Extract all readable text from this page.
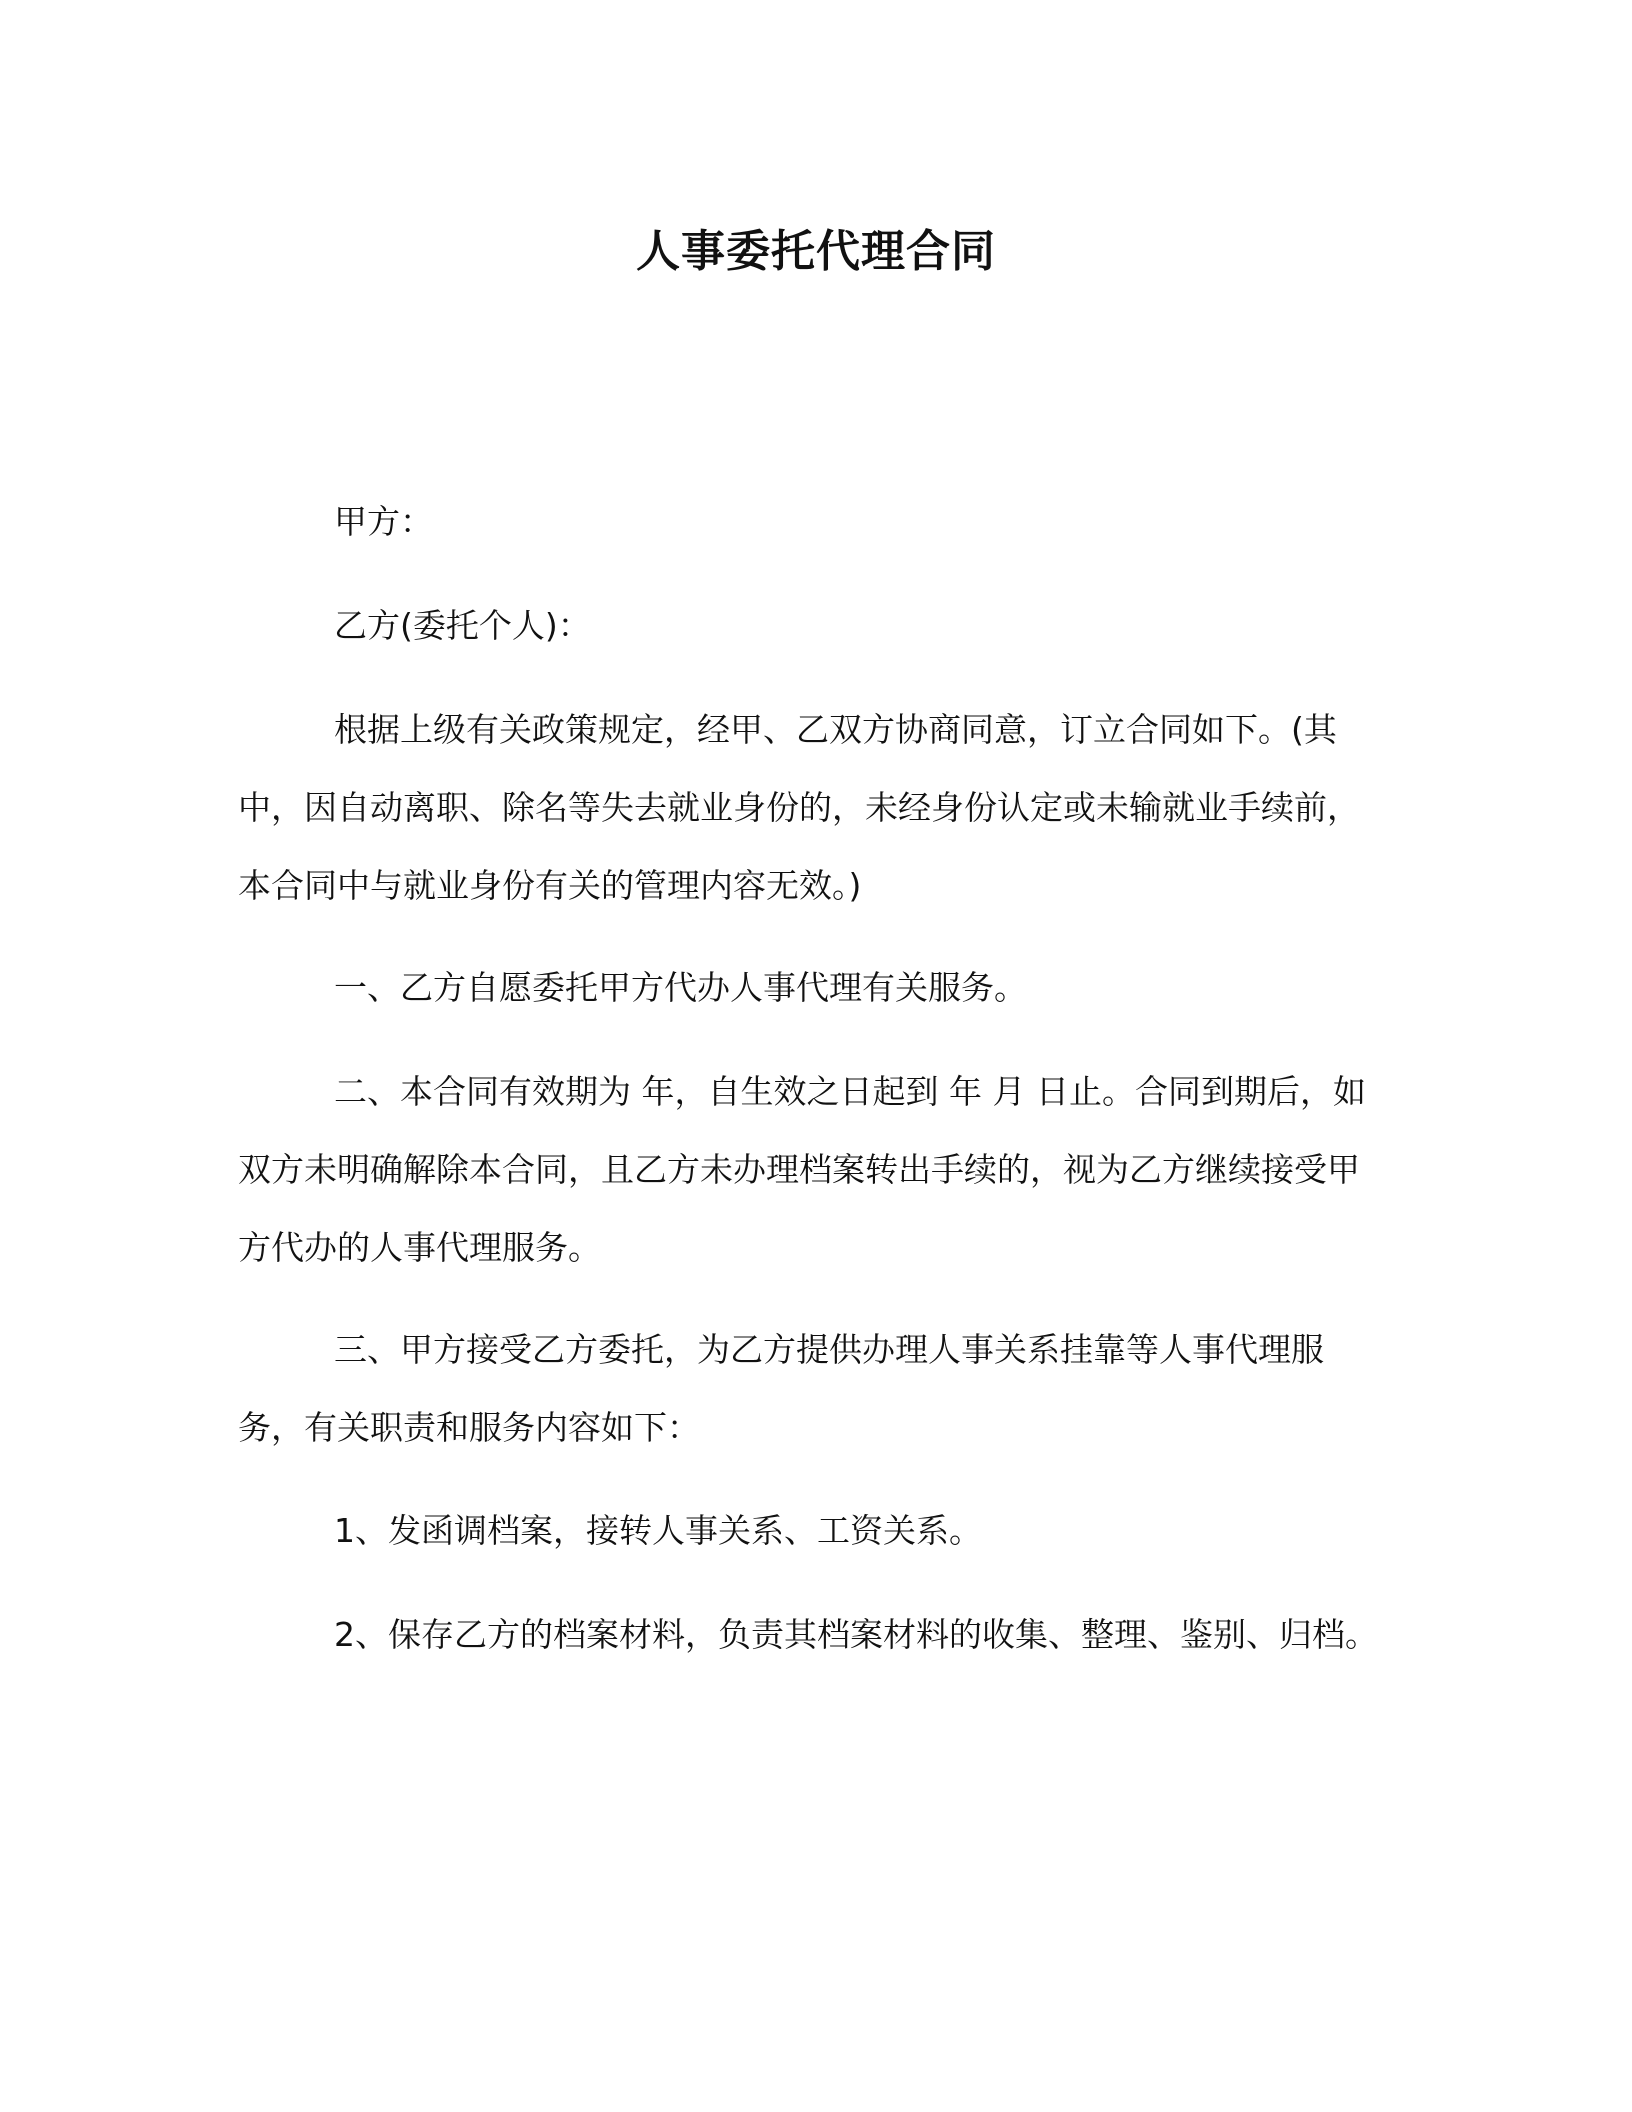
人事委托代理合同
甲方：
乙方(委托个人)：
根据上级有关政策规定，经甲、乙双方协商同意，订立合同如下。(其中，因自动离职、除名等失去就业身份的，未经身份认定或未输就业手续前，本合同中与就业身份有关的管理内容无效。)
一、乙方自愿委托甲方代办人事代理有关服务。
二、本合同有效期为 年，自生效之日起到 年 月 日止。合同到期后，如双方未明确解除本合同，且乙方未办理档案转出手续的，视为乙方继续接受甲方代办的人事代理服务。
三、甲方接受乙方委托，为乙方提供办理人事关系挂靠等人事代理服务，有关职责和服务内容如下：
1、发函调档案，接转人事关系、工资关系。
2、保存乙方的档案材料，负责其档案材料的收集、整理、鉴别、归档。
